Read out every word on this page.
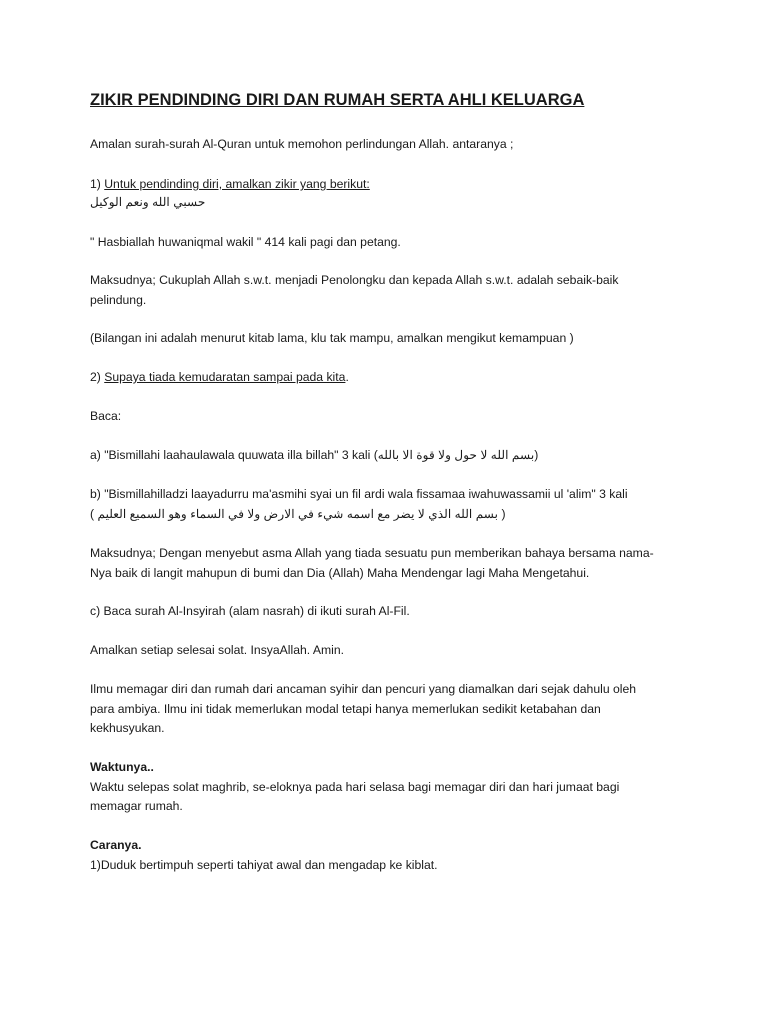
ZIKIR PENDINDING DIRI DAN RUMAH SERTA AHLI KELUARGA

Amalan surah-surah Al-Quran untuk memohon perlindungan Allah. antaranya ;

1) Untuk pendinding diri, amalkan zikir yang berikut:

حسبي الله ونعم الوكيل

" Hasbiallah huwaniqmal wakil " 414 kali pagi dan petang.

Maksudnya; Cukuplah Allah s.w.t. menjadi Penolongku dan kepada Allah s.w.t. adalah sebaik-baik
pelindung.

(Bilangan ini adalah menurut kitab lama, klu tak mampu, amalkan mengikut kemampuan )

2) Supaya tiada kemudaratan sampai pada kita.

Baca:

a) "Bismillahi laahaulawala quuwata illa billah" 3 kali (بسم الله لا حول ولا قوة الا بالله)

b) "Bismillahilladzi laayadurru ma'asmihi syai un fil ardi wala fissamaa iwahuwassamii ul 'alim" 3 kali
( بسم الله الذي لا يضر مع اسمه شيء في الارض ولا في السماء وهو السميع العليم )

Maksudnya; Dengan menyebut asma Allah yang tiada sesuatu pun memberikan bahaya bersama nama-
Nya baik di langit mahupun di bumi dan Dia (Allah) Maha Mendengar lagi Maha Mengetahui.

c) Baca surah Al-Insyirah (alam nasrah) di ikuti surah Al-Fil.

Amalkan setiap selesai solat. InsyaAllah. Amin.

Ilmu memagar diri dan rumah dari ancaman syihir dan pencuri yang diamalkan dari sejak dahulu oleh
para ambiya. Ilmu ini tidak memerlukan modal tetapi hanya memerlukan sedikit ketabahan dan
kekhusyukan.

Waktunya..
Waktu selepas solat maghrib, se-eloknya pada hari selasa bagi memagar diri dan hari jumaat bagi
memagar rumah.

Caranya.
1)Duduk bertimpuh seperti tahiyat awal dan mengadap ke kiblat.
